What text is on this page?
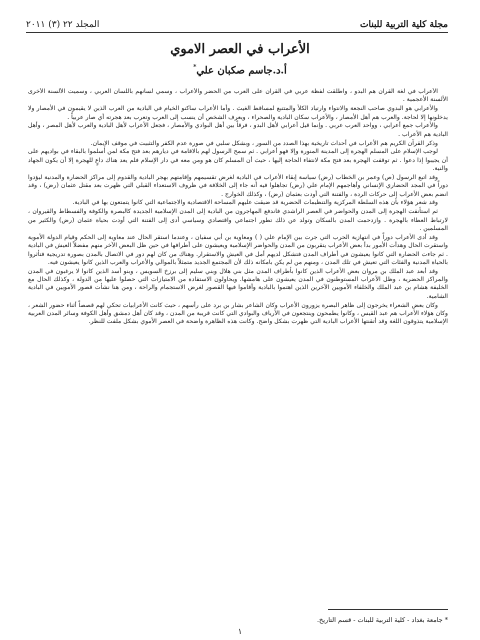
مجلة كلية التربية للبنات
المجلد ٢٢ (٣) ٢٠١١
الأعراب في العصر الاموي
أ.د.جاسم صكبان علي*

الأعراب في لغة القرآن هم البدو ، واطلقت لفظة عربي في القرآن على العرب من الحضر والأعراب ، وسمي لسانهم باللسان العربي ، وسميت الألسنة الأخرى الألسنة الأعجمية .

والأعرابي هو البدوي صاحب النجعة والانتواء وارتياد الكلأ والمتتبع لمساقط الغيث . وأما الأعراب ساكنو الخيام في البادية من العرب الذين لا يقيمون في الأمصار ولا يدخلونها إلا لحاجة. والعرب هم أهل الأمصار ، والأعراب سكان البادية والصحراء ، ويعرف الشخص أن ينسب إلى العرب وتعرب بعد هجرته أي صار عربياً .

والأعراب جمع أعرابي ، وواحد العرب عربي . وإنما قيل أعرابي لأهل البدو ، فرقاً بين أهل البوادي والأمصار ، فجعل الأعراب لأهل البادية والعرب لأهل المصر ، وأهل البادية هم الأعراب .

وذكر القرآن الكريم هم الأعراب في أحداث تاريخية بهذا الصدد من السور ، وبشكل سلبي في صورة عدم الكفر والتثبيت في موقف الإيمان.

لوجب الإسلام على المسلم الهجرة إلى المدينة المنورة وإلا فهو أعرابي . ثم سمح الرسول لهم بالاقامة في ديارهم بعد فتح مكة لمن أسلموا بالبقاء في بواديهم على أن يجيبوا إذا دعوا . ثم توقفت الهجرة بعد فتح مكة لانتفاء الحاجة إليها ، حيث أن المسلم كان هو ومن معه في دار الإسلام فلم يعد هناك داعٍ للهجرة إلا أن يكون الجهاد والنية.

وقد اتبع الرسول (ص) وعمر بن الخطاب (رض) سياسة إبقاء الأعراب في البادية لغرض تقسيمهم وإقامتهم بهجر البادية والقدوم إلى مراكز الحضارة والمدنية ليؤدوا دوراً في المجد الحضاري الإنساني وأهاجمهم الإمام علي (رض) تجاهلوا فيه أنه جاء إلى الخلافة في ظروف الاستعداء القبلي التي ظهرت بعد مقتل عثمان (رض) ، وقد انضم بعض الأعراب إلى حركات الردة ، والفتنة التي أودت بعثمان (رض) ، وكذلك الخوارج .

وقد شعر هؤلاء بأن هذه السلطة المركزية والتنظيمات الحضرية قد ضيقت عليهم المساحة الاقتصادية والاجتماعية التي كانوا يتمتعون بها في البادية.

ثم استأنفت الهجرة إلى المدن والحواضر في العصر الراشدي فاندفع المهاجرون من البادية إلى المدن الإسلامية الجديدة كالبصرة والكوفة والفسطاط والقيروان ، لارتباط العطاء بالهجرة . وازدحمت المدن بالسكان وتولد عن ذلك تطور اجتماعي واقتصادي وسياسي أدى إلى الفتنة التي أودت بحياة عثمان (رض) والكثير من المسلمين .

وقد أدى الأعراب دوراً في انتهازية الحرب التي جرت بين الإمام علي ( ) ومعاوية بن أبي سفيان ، وعندما استقر الحال عند معاوية إلى الحكم وقيام الدولة الأموية واستقرت الحال وهدأت الأمور بدأ بعض الأعراب يتقربون من المدن والحواضر الإسلامية ويعيشون على أطرافها في حين ظل البعض الآخر منهم مفضلاً العيش في البادية . ثم جاءت الحضارة التي كانوا يعيشون في أطراف المدن فتشكل لديهم أمل في العيش والاستقرار. وهناك من كان لهم دور في الاتصال بالمدن بصورة تدريجية فتأثروا بالحياة المدنية والفئات التي تعيش في تلك المدن ، ومنهم من لم يكن بامكانه ذلك لأن المجتمع الجديد متمثلاً بالموالي والأعراب والعرب الذين كانوا يعيشون فيه.

وقد أبعد عبد الملك بن مروان بعض الأعراب الذين كانوا بأطراف المدن مثل بني هلال وبني سليم إلى برزخ السويس ، وبنو أسد الذين كانوا لا يرغبون في المدن والمراكز الحضرية ، وظل الأعراب المستوطنون في المدن يعيشون على هامشها. ويحاولون الاستفادة من الامتيازات التي حصلوا عليها من الدولة ، وكذلك الحال مع الخليفة هشام بن عبد الملك والخلفاء الأمويين الآخرين الذين اهتموا بالبادية وأقاموا فيها القصور لغرض الاستجمام والراحة ، ومن هنا نشأت قصور الأمويين في البادية الشامية.

وكان بعض الشعراء يخرجون إلى ظاهر البصرة يزورون الأعراب وكان الشاعر بشار بن برد على رأسهم ، حيث كانت الأعرابيات تحكي لهم قصصاً أثناء حضور الشعر ، وكان هؤلاء الأعراب هم عبد القيس ، وكانوا يطمحون وينتجعون في الأرياف والبوادي التي كانت قريبة من المدن ، وقد كان أهل دمشق وأهل الكوفة وسائر المدن العربية الإسلامية يتذوقون اللغة وقد أتقنتها الأعراب البادية التي ظهرت بشكل واضح. وكانت هذه الظاهرة واضحة في العصر الأموي بشكل ملفت للنظر.

* جامعة بغداد - كلية التربية للبنات - قسم التاريخ.
١
